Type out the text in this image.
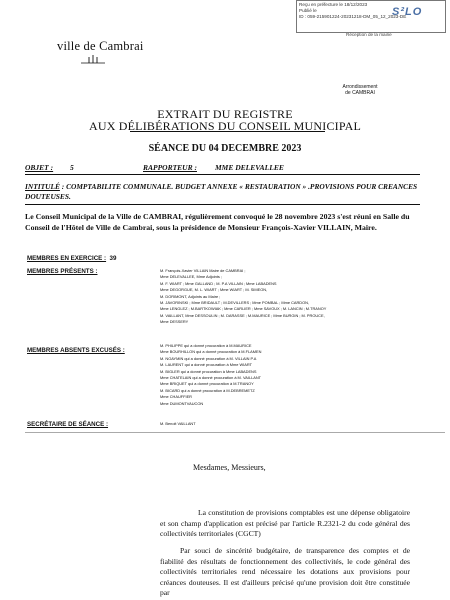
Reçu en préfecture le 18/12/2023
Publié le
ID : 059-215901224-20231218-DM_05_12_2023-DE
S²LO
Réception de la mairie
ville de Cambrai
Arrondissement
de CAMBRAI
EXTRAIT DU REGISTRE
AUX DÉLIBÉRATIONS DU CONSEIL MUNICIPAL
SÉANCE DU 04 DECEMBRE 2023
OBJET : 5	RAPPORTEUR : MME DELEVALLEE
INTITULÉ : COMPTABILITE COMMUNALE. BUDGET ANNEXE « RESTAURATION » .PROVISIONS POUR CREANCES DOUTEUSES.
Le Conseil Municipal de la Ville de CAMBRAI, régulièrement convoqué le 28 novembre 2023 s'est réuni en Salle du Conseil de l'Hôtel de Ville de Cambrai, sous la présidence de Monsieur François-Xavier VILLAIN, Maire.
MEMBRES EN EXERCICE : 39
MEMBRES PRÉSENTS :	M. François-Xavier VILLAIN Maire de CAMBRAI ;
Mme DELEVALLEE, Mme Adjoints ;
M. F. WIART ; Mme GALLAND ; M. P.A VILLAIN ; Mme LABADENS
Mme DEGORGUE, M. L. WIART ; Mme WIART ; M. SIMEON,
M. DORIMONT, Adjoints au Maire ;
M. JAVORINSKI ; Mme BRIDAULT ; M.DEVILLERS ; Mme POMBAL ; Mme CARDON,
Mme LENGLEZ ; M.BARTKOWIAK ; Mme CARLIER ; Mme SAVOUX ; M. LANCIN ; M.TRANOY
M. VAILLANT, Mme DESSOULIN ; M. DARASSE ; M.MAURICE ; Mme BURGIN ; M. PROUCE,
Mme DESSERY
MEMBRES ABSENTS EXCUSÉS :
M. PHILIPPE qui a donné procuration à M.MAURICE
Mme BOURHILLON qui a donné procuration à M.FLAMEN
M. NOAYMIN qui a donné procuration à M. VILLAIN P.A
M. LAURENT qui a donné procuration à Mme WIART
M. BIGLER qui a donné procuration à Mme LABADENS
Mme CHATELAIN qui a donné procuration à M. VAILLANT
Mme BRIQUET qui a donné procuration à M.TRANOY
M. BICARD qui a donné procuration à M.DEBREMETZ
Mme CHAUFFIER
Mme DUMONTVAUCON
SECRÉTAIRE DE SÉANCE :	M. Benoit VAILLANT
Mesdames, Messieurs,
La constitution de provisions comptables est une dépense obligatoire et son champ d'application est précisé par l'article R.2321-2 du code général des collectivités territoriales (CGCT)
Par souci de sincérité budgétaire, de transparence des comptes et de fiabilité des résultats de fonctionnement des collectivités, le code général des collectivités territoriales rend nécessaire les dotations aux provisions pour créances douteuses. Il est d'ailleurs précisé qu'une provision doit être constituée par
